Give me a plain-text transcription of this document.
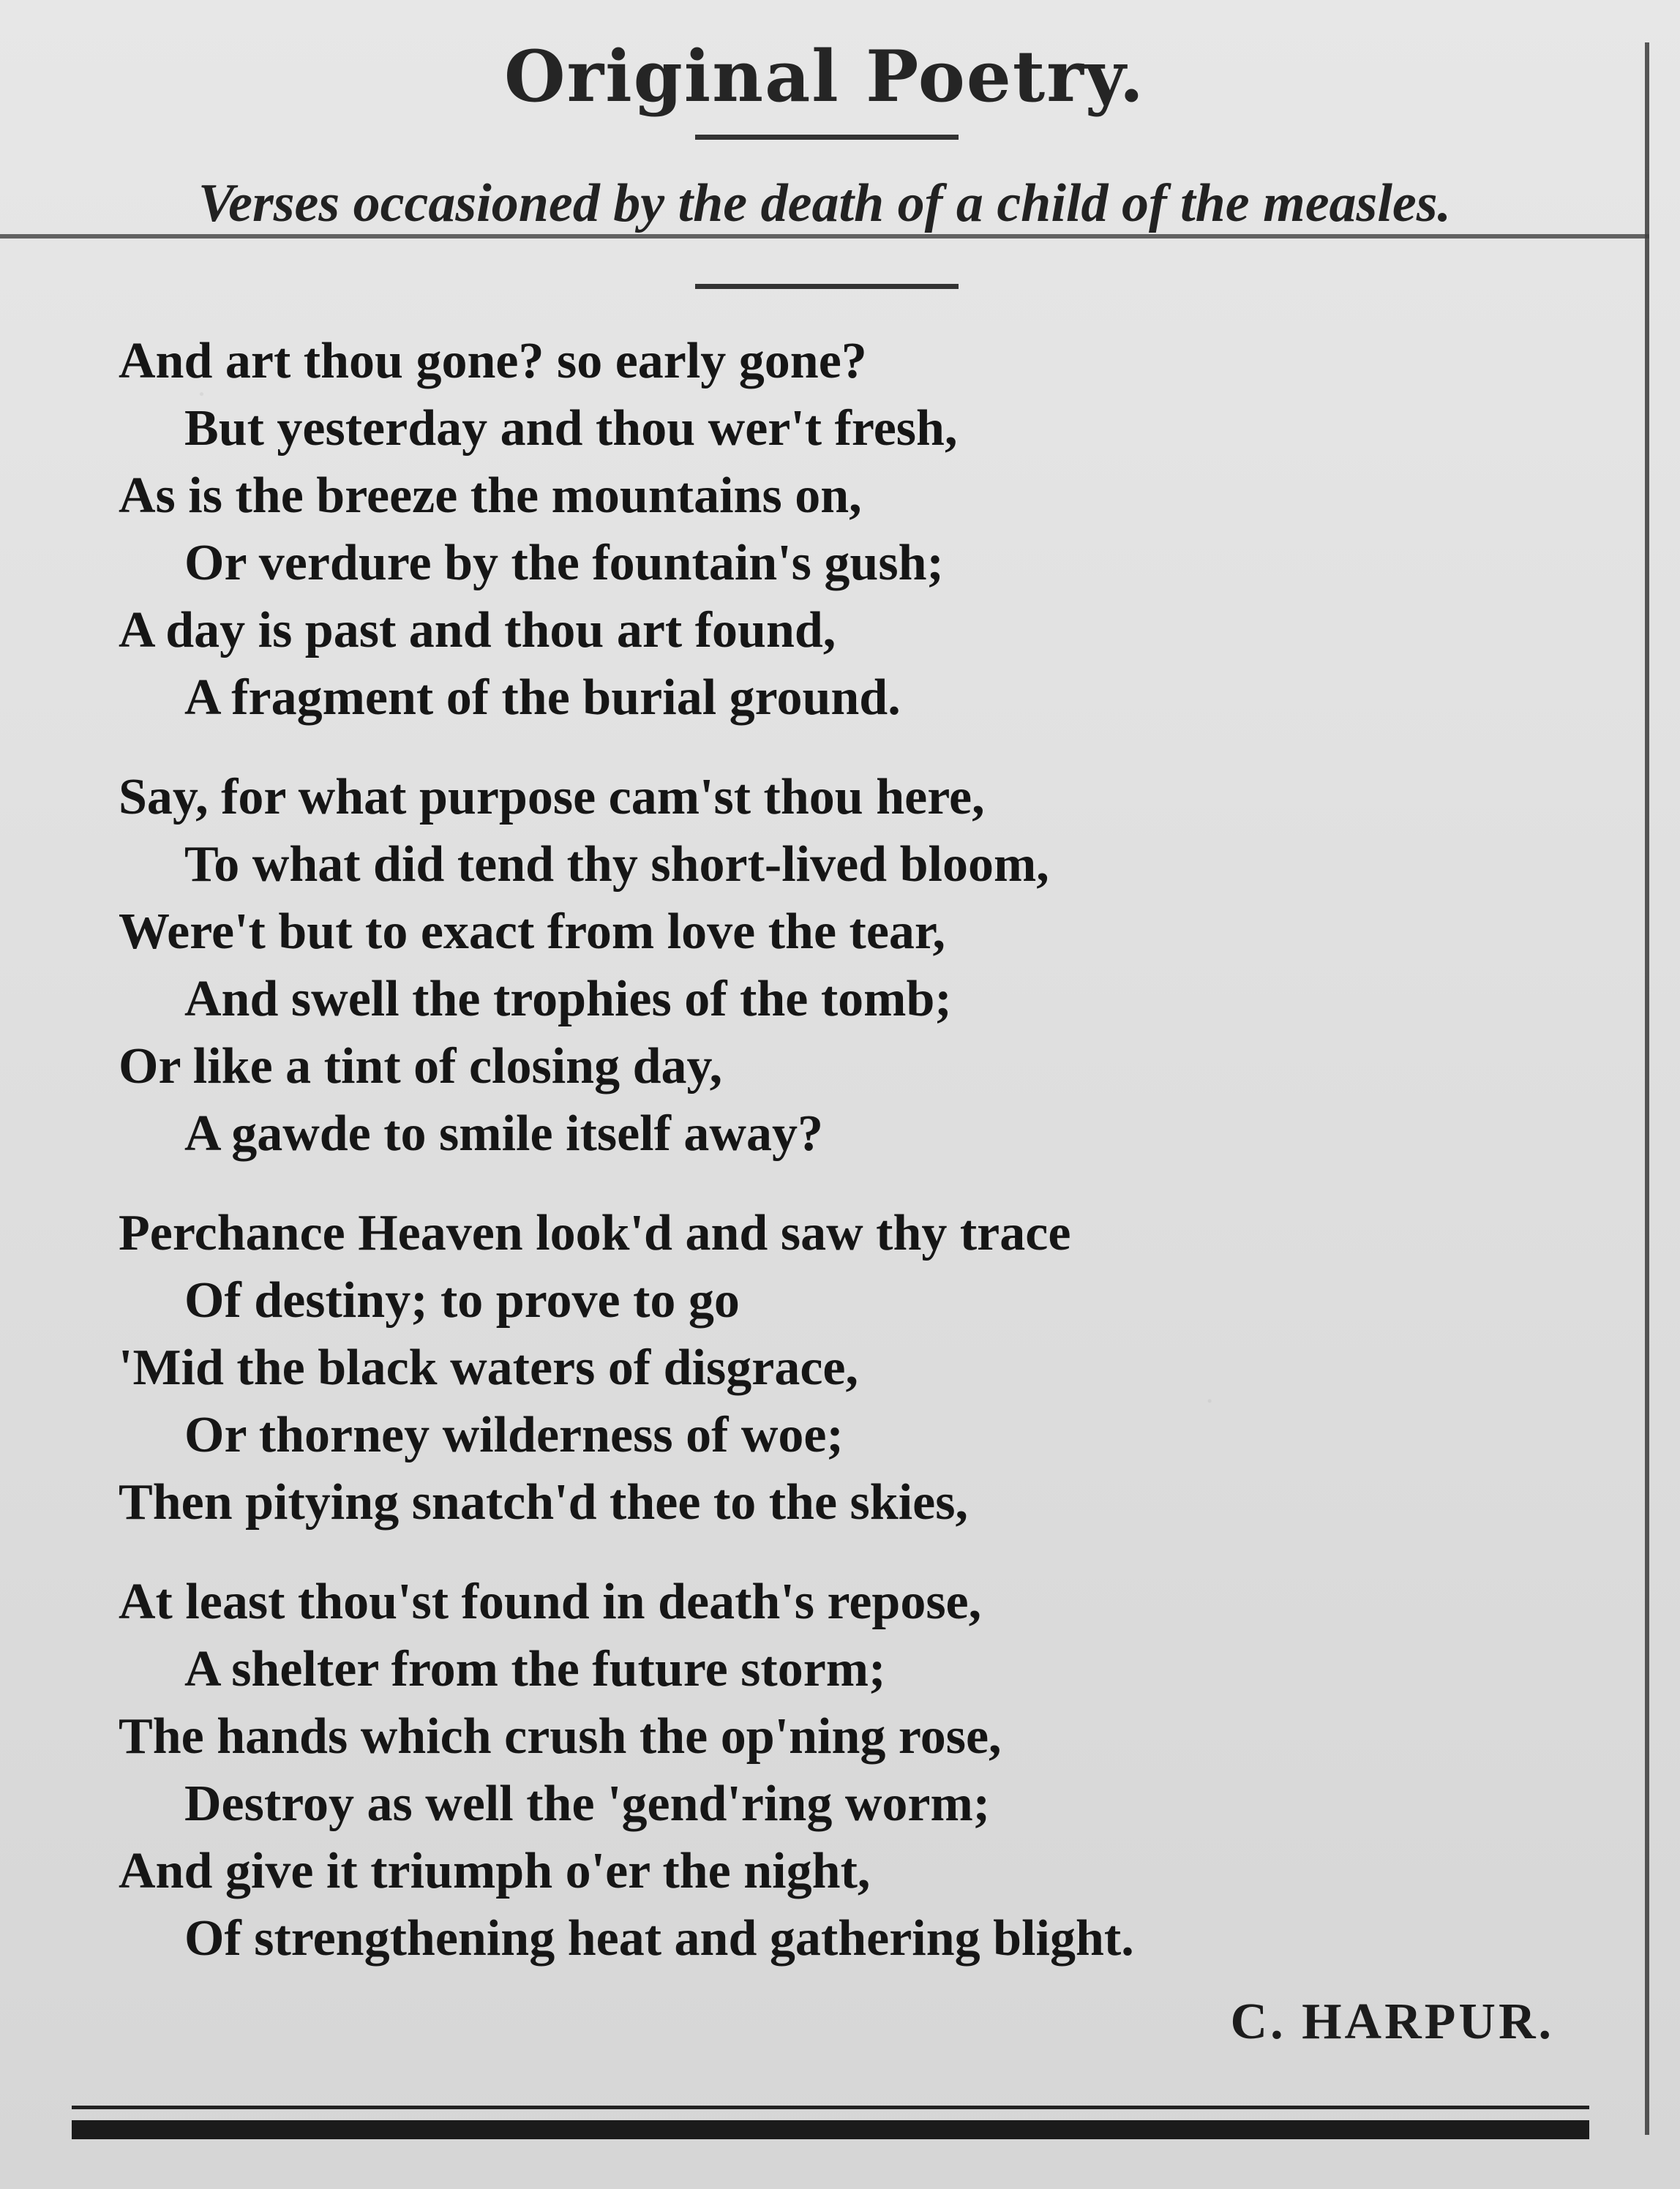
Original Poetry.
Verses occasioned by the death of a child of the measles.
And art thou gone? so early gone?
But yesterday and thou wer't fresh,
As is the breeze the mountains on,
Or verdure by the fountain's gush;
A day is past and thou art found,
A fragment of the burial ground.
Say, for what purpose cam'st thou here,
To what did tend thy short-lived bloom,
Were't but to exact from love the tear,
And swell the trophies of the tomb;
Or like a tint of closing day,
A gawde to smile itself away?
Perchance Heaven look'd and saw thy trace
Of destiny; to prove to go
'Mid the black waters of disgrace,
Or thorney wilderness of woe;
Then pitying snatch'd thee to the skies,
At least thou'st found in death's repose,
A shelter from the future storm;
The hands which crush the op'ning rose,
Destroy as well the 'gend'ring worm;
And give it triumph o'er the night,
Of strengthening heat and gathering blight.
C. HARPUR.
